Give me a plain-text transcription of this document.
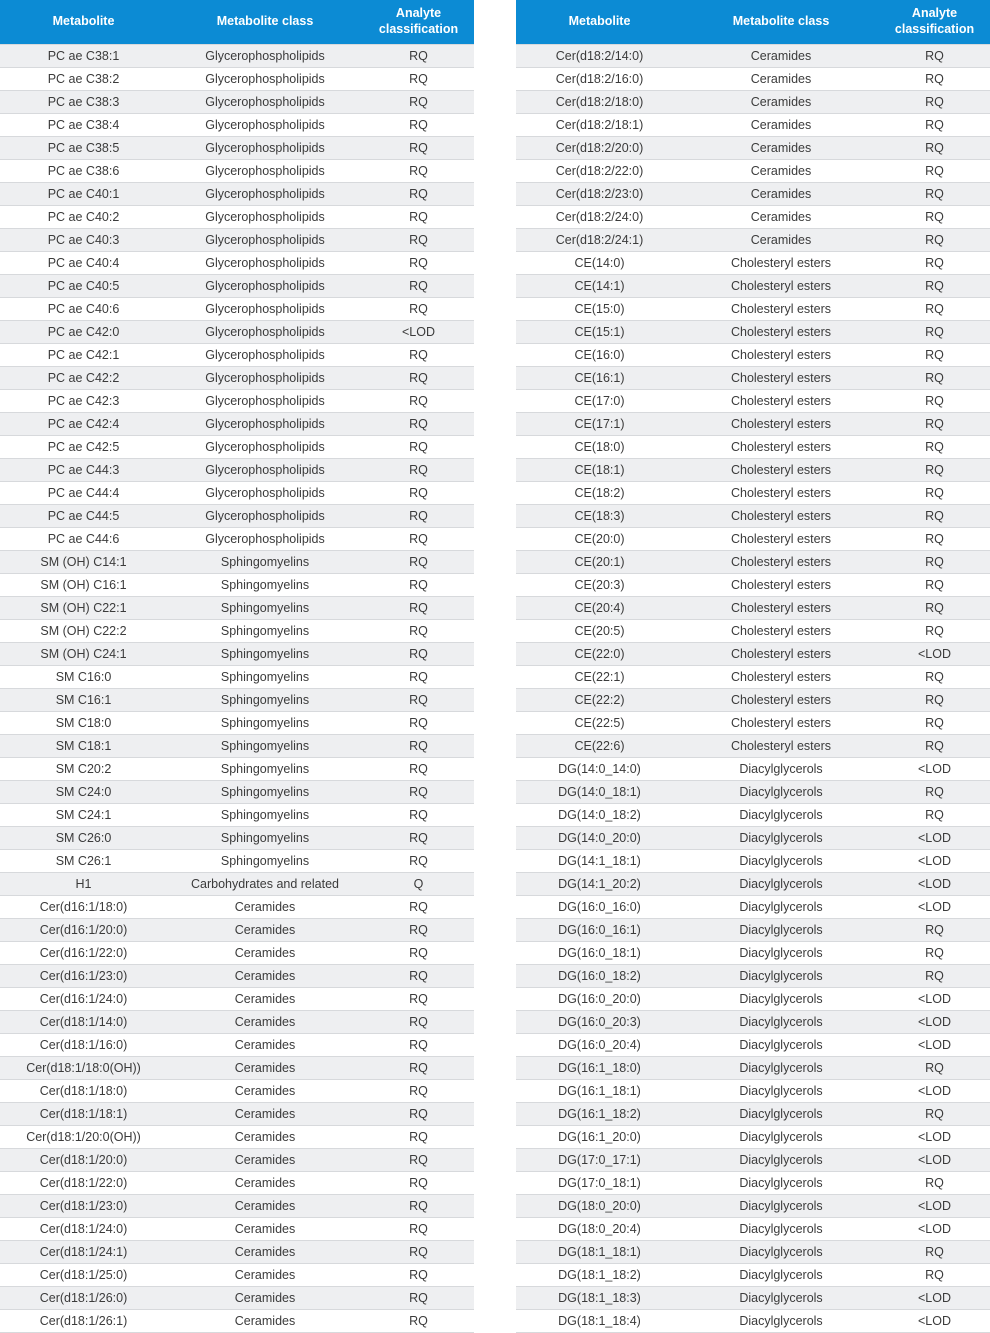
Metabolite	Metabolite class	Analyte
classification
PC ae C38:1	Glycerophospholipids	RQ
PC ae C38:2	Glycerophospholipids	RQ
PC ae C38:3	Glycerophospholipids	RQ
PC ae C38:4	Glycerophospholipids	RQ
PC ae C38:5	Glycerophospholipids	RQ
PC ae C38:6	Glycerophospholipids	RQ
PC ae C40:1	Glycerophospholipids	RQ
PC ae C40:2	Glycerophospholipids	RQ
PC ae C40:3	Glycerophospholipids	RQ
PC ae C40:4	Glycerophospholipids	RQ
PC ae C40:5	Glycerophospholipids	RQ
PC ae C40:6	Glycerophospholipids	RQ
PC ae C42:0	Glycerophospholipids	<LOD
PC ae C42:1	Glycerophospholipids	RQ
PC ae C42:2	Glycerophospholipids	RQ
PC ae C42:3	Glycerophospholipids	RQ
PC ae C42:4	Glycerophospholipids	RQ
PC ae C42:5	Glycerophospholipids	RQ
PC ae C44:3	Glycerophospholipids	RQ
PC ae C44:4	Glycerophospholipids	RQ
PC ae C44:5	Glycerophospholipids	RQ
PC ae C44:6	Glycerophospholipids	RQ
SM (OH) C14:1	Sphingomyelins	RQ
SM (OH) C16:1	Sphingomyelins	RQ
SM (OH) C22:1	Sphingomyelins	RQ
SM (OH) C22:2	Sphingomyelins	RQ
SM (OH) C24:1	Sphingomyelins	RQ
SM C16:0	Sphingomyelins	RQ
SM C16:1	Sphingomyelins	RQ
SM C18:0	Sphingomyelins	RQ
SM C18:1	Sphingomyelins	RQ
SM C20:2	Sphingomyelins	RQ
SM C24:0	Sphingomyelins	RQ
SM C24:1	Sphingomyelins	RQ
SM C26:0	Sphingomyelins	RQ
SM C26:1	Sphingomyelins	RQ
H1	Carbohydrates and related	Q
Cer(d16:1/18:0)	Ceramides	RQ
Cer(d16:1/20:0)	Ceramides	RQ
Cer(d16:1/22:0)	Ceramides	RQ
Cer(d16:1/23:0)	Ceramides	RQ
Cer(d16:1/24:0)	Ceramides	RQ
Cer(d18:1/14:0)	Ceramides	RQ
Cer(d18:1/16:0)	Ceramides	RQ
Cer(d18:1/18:0(OH))	Ceramides	RQ
Cer(d18:1/18:0)	Ceramides	RQ
Cer(d18:1/18:1)	Ceramides	RQ
Cer(d18:1/20:0(OH))	Ceramides	RQ
Cer(d18:1/20:0)	Ceramides	RQ
Cer(d18:1/22:0)	Ceramides	RQ
Cer(d18:1/23:0)	Ceramides	RQ
Cer(d18:1/24:0)	Ceramides	RQ
Cer(d18:1/24:1)	Ceramides	RQ
Cer(d18:1/25:0)	Ceramides	RQ
Cer(d18:1/26:0)	Ceramides	RQ
Cer(d18:1/26:1)	Ceramides	RQ
Metabolite	Metabolite class	Analyte
classification
Cer(d18:2/14:0)	Ceramides	RQ
Cer(d18:2/16:0)	Ceramides	RQ
Cer(d18:2/18:0)	Ceramides	RQ
Cer(d18:2/18:1)	Ceramides	RQ
Cer(d18:2/20:0)	Ceramides	RQ
Cer(d18:2/22:0)	Ceramides	RQ
Cer(d18:2/23:0)	Ceramides	RQ
Cer(d18:2/24:0)	Ceramides	RQ
Cer(d18:2/24:1)	Ceramides	RQ
CE(14:0)	Cholesteryl esters	RQ
CE(14:1)	Cholesteryl esters	RQ
CE(15:0)	Cholesteryl esters	RQ
CE(15:1)	Cholesteryl esters	RQ
CE(16:0)	Cholesteryl esters	RQ
CE(16:1)	Cholesteryl esters	RQ
CE(17:0)	Cholesteryl esters	RQ
CE(17:1)	Cholesteryl esters	RQ
CE(18:0)	Cholesteryl esters	RQ
CE(18:1)	Cholesteryl esters	RQ
CE(18:2)	Cholesteryl esters	RQ
CE(18:3)	Cholesteryl esters	RQ
CE(20:0)	Cholesteryl esters	RQ
CE(20:1)	Cholesteryl esters	RQ
CE(20:3)	Cholesteryl esters	RQ
CE(20:4)	Cholesteryl esters	RQ
CE(20:5)	Cholesteryl esters	RQ
CE(22:0)	Cholesteryl esters	<LOD
CE(22:1)	Cholesteryl esters	RQ
CE(22:2)	Cholesteryl esters	RQ
CE(22:5)	Cholesteryl esters	RQ
CE(22:6)	Cholesteryl esters	RQ
DG(14:0_14:0)	Diacylglycerols	<LOD
DG(14:0_18:1)	Diacylglycerols	RQ
DG(14:0_18:2)	Diacylglycerols	RQ
DG(14:0_20:0)	Diacylglycerols	<LOD
DG(14:1_18:1)	Diacylglycerols	<LOD
DG(14:1_20:2)	Diacylglycerols	<LOD
DG(16:0_16:0)	Diacylglycerols	<LOD
DG(16:0_16:1)	Diacylglycerols	RQ
DG(16:0_18:1)	Diacylglycerols	RQ
DG(16:0_18:2)	Diacylglycerols	RQ
DG(16:0_20:0)	Diacylglycerols	<LOD
DG(16:0_20:3)	Diacylglycerols	<LOD
DG(16:0_20:4)	Diacylglycerols	<LOD
DG(16:1_18:0)	Diacylglycerols	RQ
DG(16:1_18:1)	Diacylglycerols	<LOD
DG(16:1_18:2)	Diacylglycerols	RQ
DG(16:1_20:0)	Diacylglycerols	<LOD
DG(17:0_17:1)	Diacylglycerols	<LOD
DG(17:0_18:1)	Diacylglycerols	RQ
DG(18:0_20:0)	Diacylglycerols	<LOD
DG(18:0_20:4)	Diacylglycerols	<LOD
DG(18:1_18:1)	Diacylglycerols	RQ
DG(18:1_18:2)	Diacylglycerols	RQ
DG(18:1_18:3)	Diacylglycerols	<LOD
DG(18:1_18:4)	Diacylglycerols	<LOD
